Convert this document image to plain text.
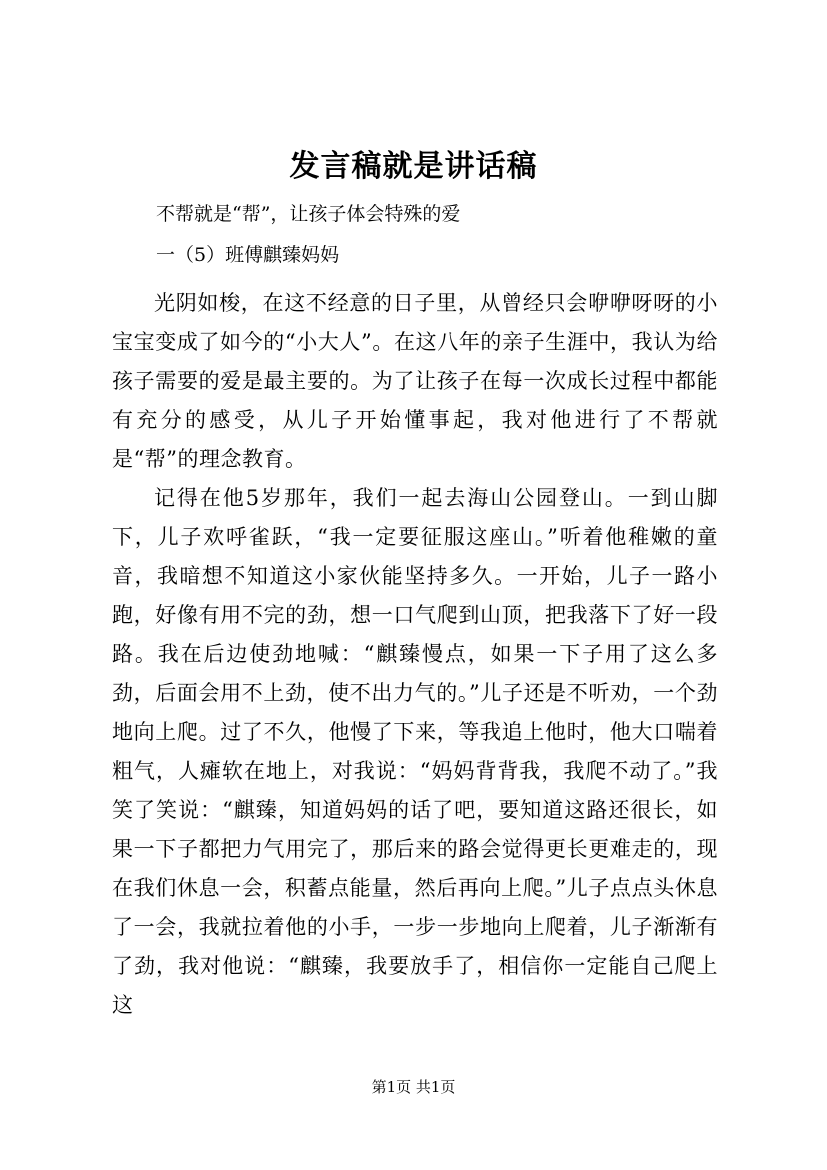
发言稿就是讲话稿
不帮就是“帮”，让孩子体会特殊的爱
一（5）班傅麒臻妈妈

光阴如梭，在这不经意的日子里，从曾经只会咿咿呀呀的小宝宝变成了如今的“小大人”。在这八年的亲子生涯中，我认为给孩子需要的爱是最主要的。为了让孩子在每一次成长过程中都能有充分的感受，从儿子开始懂事起，我对他进行了不帮就是“帮”的理念教育。

记得在他5岁那年，我们一起去海山公园登山。一到山脚下，儿子欢呼雀跃，“我一定要征服这座山。”听着他稚嫩的童音，我暗想不知道这小家伙能坚持多久。一开始，儿子一路小跑，好像有用不完的劲，想一口气爬到山顶，把我落下了好一段路。我在后边使劲地喊：“麒臻慢点，如果一下子用了这么多劲，后面会用不上劲，使不出力气的。”儿子还是不听劝，一个劲地向上爬。过了不久，他慢了下来，等我追上他时，他大口喘着粗气，人瘫软在地上，对我说：“妈妈背背我，我爬不动了。”我笑了笑说：“麒臻，知道妈妈的话了吧，要知道这路还很长，如果一下子都把力气用完了，那后来的路会觉得更长更难走的，现在我们休息一会，积蓄点能量，然后再向上爬。”儿子点点头休息了一会，我就拉着他的小手，一步一步地向上爬着，儿子渐渐有了劲，我对他说：“麒臻，我要放手了，相信你一定能自己爬上这

第1页 共1页
